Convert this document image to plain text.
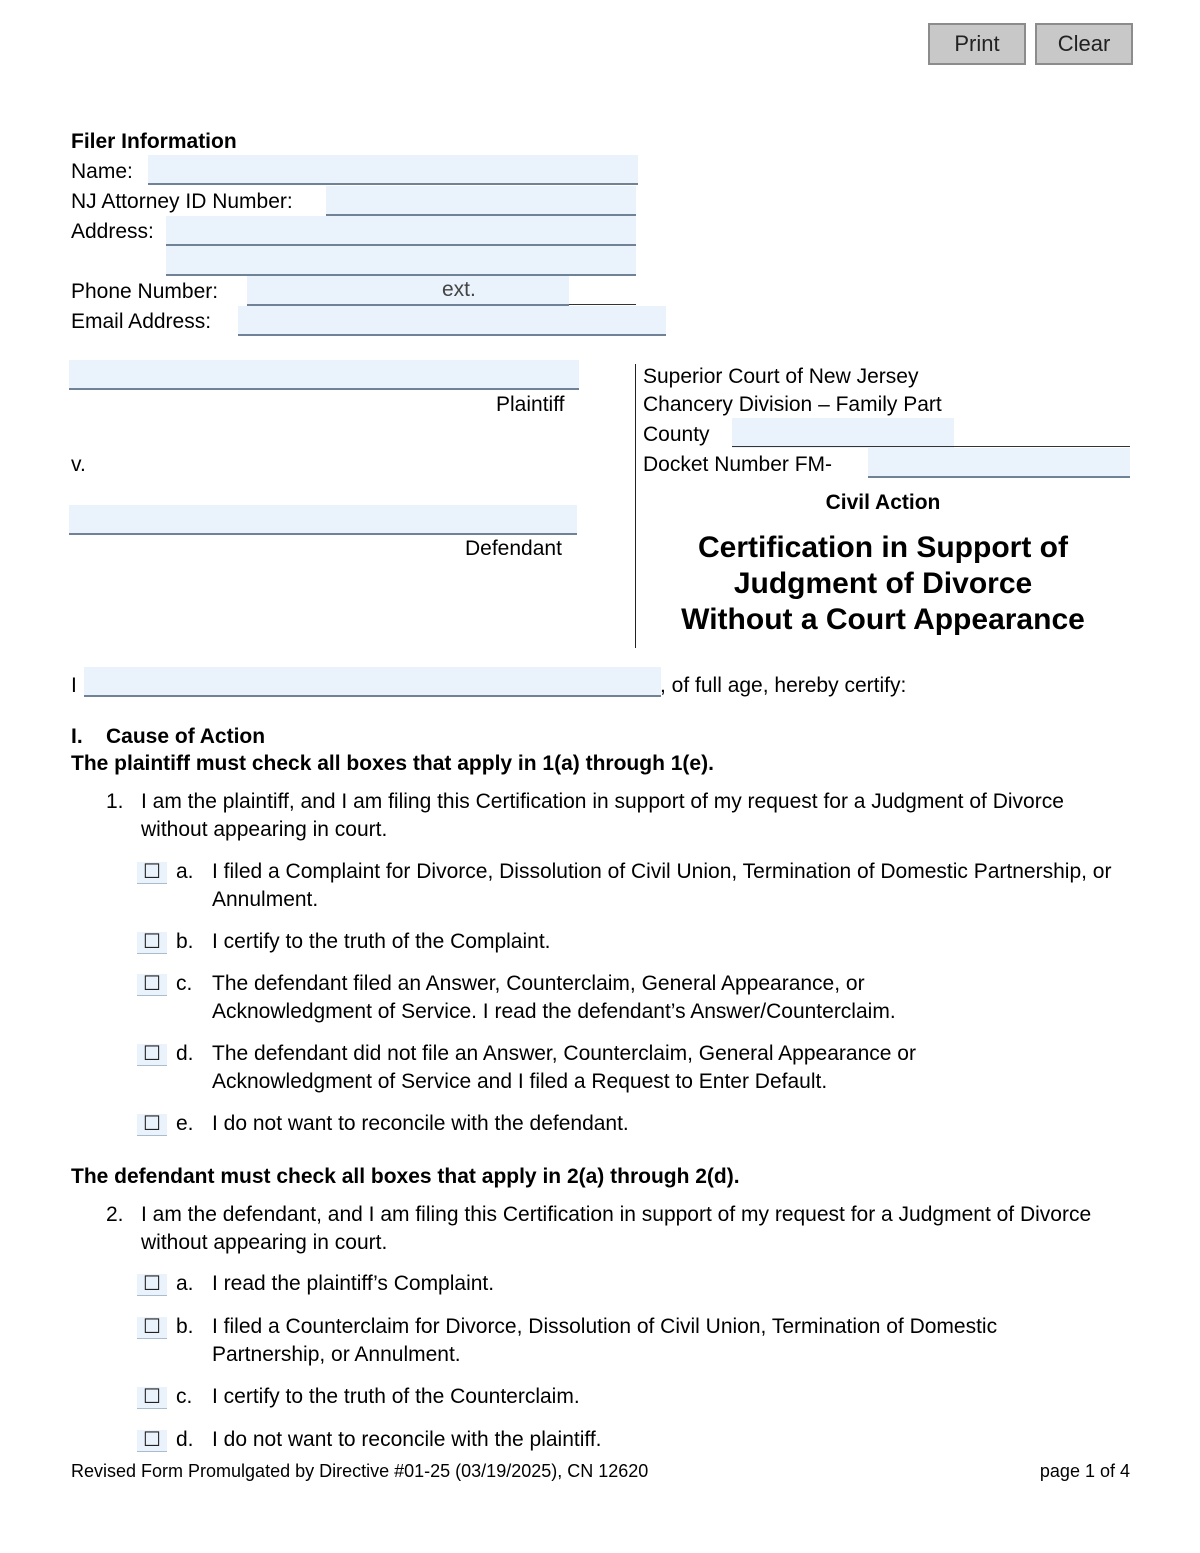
Print	Clear
Filer Information
Name:
NJ Attorney ID Number:
Address:
Phone Number:	ext.
Email Address:
Plaintiff
v.
Defendant
Superior Court of New Jersey
Chancery Division – Family Part
County
Docket Number FM-
Civil Action
Certification in Support of
Judgment of Divorce
Without a Court Appearance
I	, of full age, hereby certify:
I. Cause of Action
The plaintiff must check all boxes that apply in 1(a) through 1(e).
1. I am the plaintiff, and I am filing this Certification in support of my request for a Judgment of Divorce without appearing in court.
☐ a. I filed a Complaint for Divorce, Dissolution of Civil Union, Termination of Domestic Partnership, or Annulment.
☐ b. I certify to the truth of the Complaint.
☐ c. The defendant filed an Answer, Counterclaim, General Appearance, or Acknowledgment of Service. I read the defendant’s Answer/Counterclaim.
☐ d. The defendant did not file an Answer, Counterclaim, General Appearance or Acknowledgment of Service and I filed a Request to Enter Default.
☐ e. I do not want to reconcile with the defendant.
The defendant must check all boxes that apply in 2(a) through 2(d).
2. I am the defendant, and I am filing this Certification in support of my request for a Judgment of Divorce without appearing in court.
☐ a. I read the plaintiff’s Complaint.
☐ b. I filed a Counterclaim for Divorce, Dissolution of Civil Union, Termination of Domestic Partnership, or Annulment.
☐ c. I certify to the truth of the Counterclaim.
☐ d. I do not want to reconcile with the plaintiff.
Revised Form Promulgated by Directive #01-25 (03/19/2025), CN 12620	page 1 of 4
